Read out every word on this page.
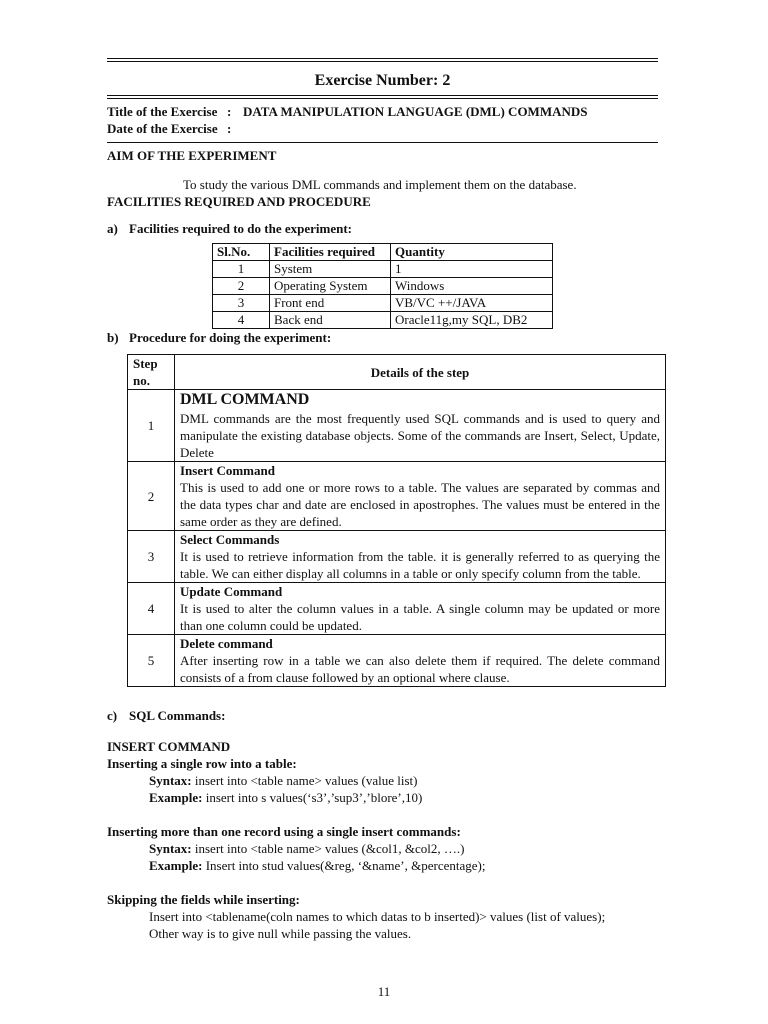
Exercise Number: 2
Title of the Exercise : DATA MANIPULATION LANGUAGE (DML) COMMANDS
Date of the Exercise :
AIM OF THE EXPERIMENT
To study the various DML commands and implement them on the database.
FACILITIES REQUIRED AND PROCEDURE
a) Facilities required to do the experiment:
Sl.No.	Facilities required	Quantity
1	System	1
2	Operating System	Windows
3	Front end	VB/VC ++/JAVA
4	Back end	Oracle11g,my SQL, DB2
b) Procedure for doing the experiment:
Step
no.	Details of the step
1	DML COMMAND
DML commands are the most frequently used SQL commands and is used to query and manipulate the existing database objects. Some of the commands are Insert, Select, Update, Delete

2	Insert Command
This is used to add one or more rows to a table. The values are separated by commas and the data types char and date are enclosed in apostrophes. The values must be entered in the same order as they are defined.

3	Select Commands
It is used to retrieve information from the table. it is generally referred to as querying the table. We can either display all columns in a table or only specify column from the table.

4	Update Command
It is used to alter the column values in a table. A single column may be updated or more than one column could be updated.

5	Delete command
After inserting row in a table we can also delete them if required. The delete command consists of a from clause followed by an optional where clause.
c) SQL Commands:
INSERT COMMAND
Inserting a single row into a table:
Syntax: insert into <table name> values (value list)
Example: insert into s values(‘s3’,’sup3’,’blore’,10)
Inserting more than one record using a single insert commands:
Syntax: insert into <table name> values (&col1, &col2, ….)
Example: Insert into stud values(&reg, ‘&name’, &percentage);
Skipping the fields while inserting:
Insert into <tablename(coln names to which datas to b inserted)> values (list of values);
Other way is to give null while passing the values.
11
